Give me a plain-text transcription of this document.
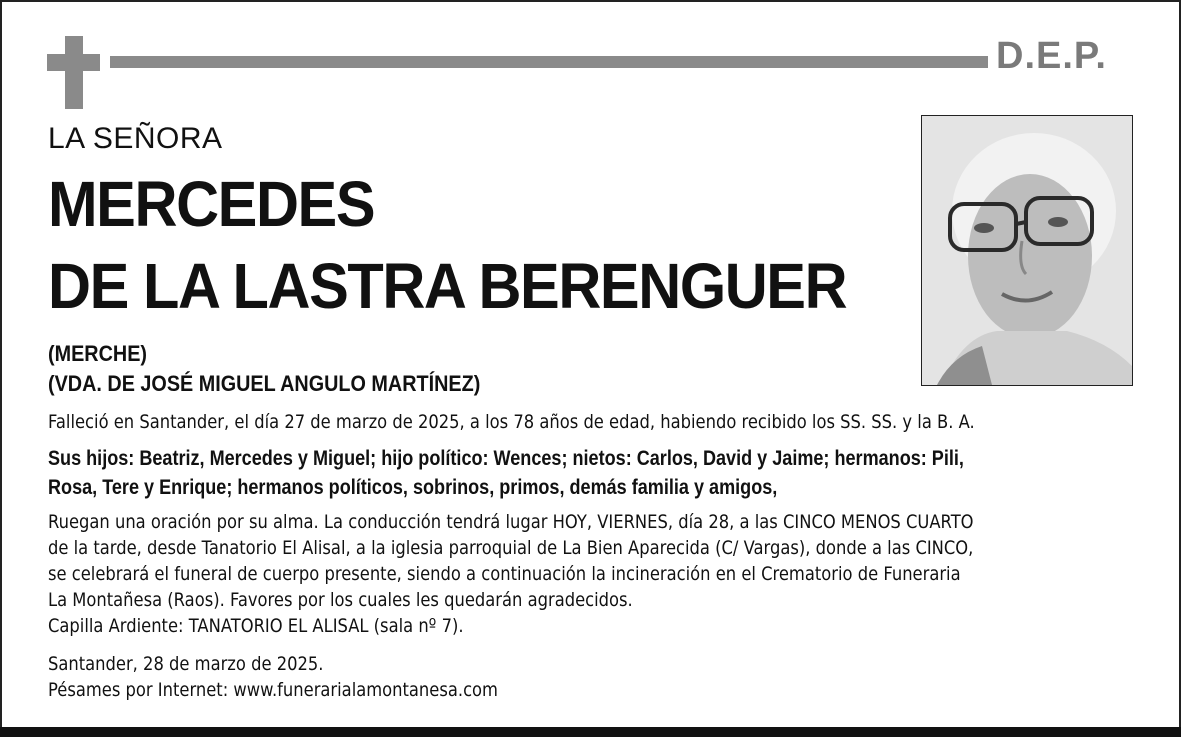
D.E.P.
LA SEÑORA
MERCEDES
DE LA LASTRA BERENGUER
(MERCHE)
(VDA. DE JOSÉ MIGUEL ANGULO MARTÍNEZ)
Falleció en Santander, el día 27 de marzo de 2025, a los 78 años de edad, habiendo recibido los SS. SS. y la B. A.
Sus hijos: Beatriz, Mercedes y Miguel; hijo político: Wences; nietos: Carlos, David y Jaime; hermanos: Pili,
Rosa, Tere y Enrique; hermanos políticos, sobrinos, primos, demás familia y amigos,
Ruegan una oración por su alma. La conducción tendrá lugar HOY, VIERNES, día 28, a las CINCO MENOS CUARTO
de la tarde, desde Tanatorio El Alisal, a la iglesia parroquial de La Bien Aparecida (C/ Vargas), donde a las CINCO,
se celebrará el funeral de cuerpo presente, siendo a continuación la incineración en el Crematorio de Funeraria
La Montañesa (Raos). Favores por los cuales les quedarán agradecidos.
Capilla Ardiente: TANATORIO EL ALISAL (sala nº 7).
Santander, 28 de marzo de 2025.
Pésames por Internet: www.funerarialamontanesa.com
